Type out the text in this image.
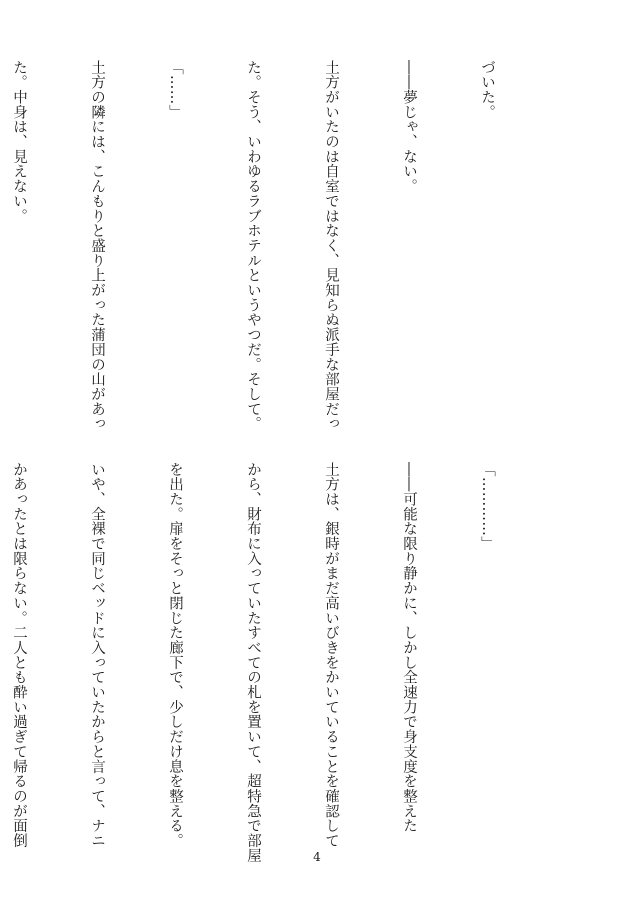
づいた。

――夢じゃ、ない。

土方がいたのは自室ではなく、見知らぬ派手な部屋だっ

た。そう、いわゆるラブホテルというやつだ。そして。

「……」

土方の隣には、こんもりと盛り上がった蒲団の山があっ

た。中身は、見えない。

「…………」

――可能な限り静かに、しかし全速力で身支度を整えた

土方は、銀時がまだ高いびきをかいていることを確認して

から、財布に入っていたすべての札を置いて、超特急で部屋

を出た。扉をそっと閉じた廊下で、少しだけ息を整える。

いや、全裸で同じベッドに入っていたからと言って、ナニ

かあったとは限らない。二人とも酔い過ぎて帰るのが面倒

4
